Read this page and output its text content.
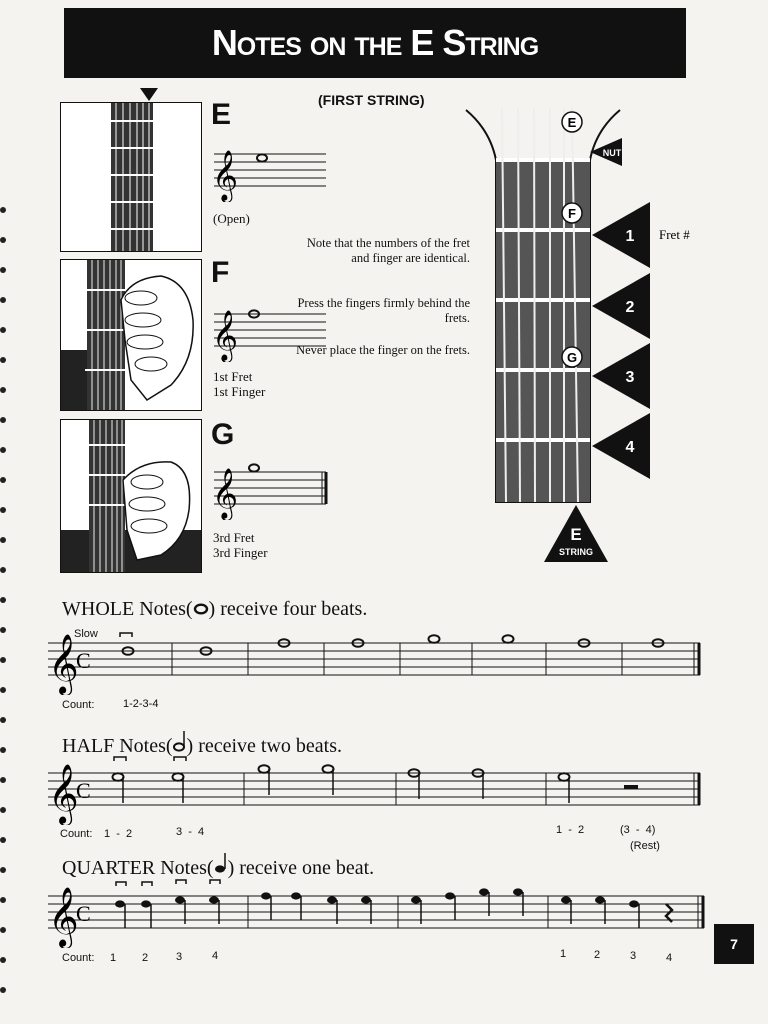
Notes on the E String
(FIRST STRING)
E
F
G
𝄞
𝄞
𝄞
(Open)
1st Fret
1st Finger
3rd Fret
3rd Finger
Note that the numbers of the fret and finger are identical.
Press the fingers firmly behind the frets.
Never place the finger on the frets.
E
F
G
NUT
1
2
3
4
Fret #
E
STRING
WHOLE Notes( ) receive four beats.
Slow
𝄞
C
Count:	1-2-3-4
HALF Notes( ) receive two beats.
𝄞
C
Count: 1  -  2	3  -  4	1  -  2	(3  -  4)
(Rest)
QUARTER Notes( ) receive one beat.
𝄞
C
Count: 1 2	3	4	1	2	3	4
7
